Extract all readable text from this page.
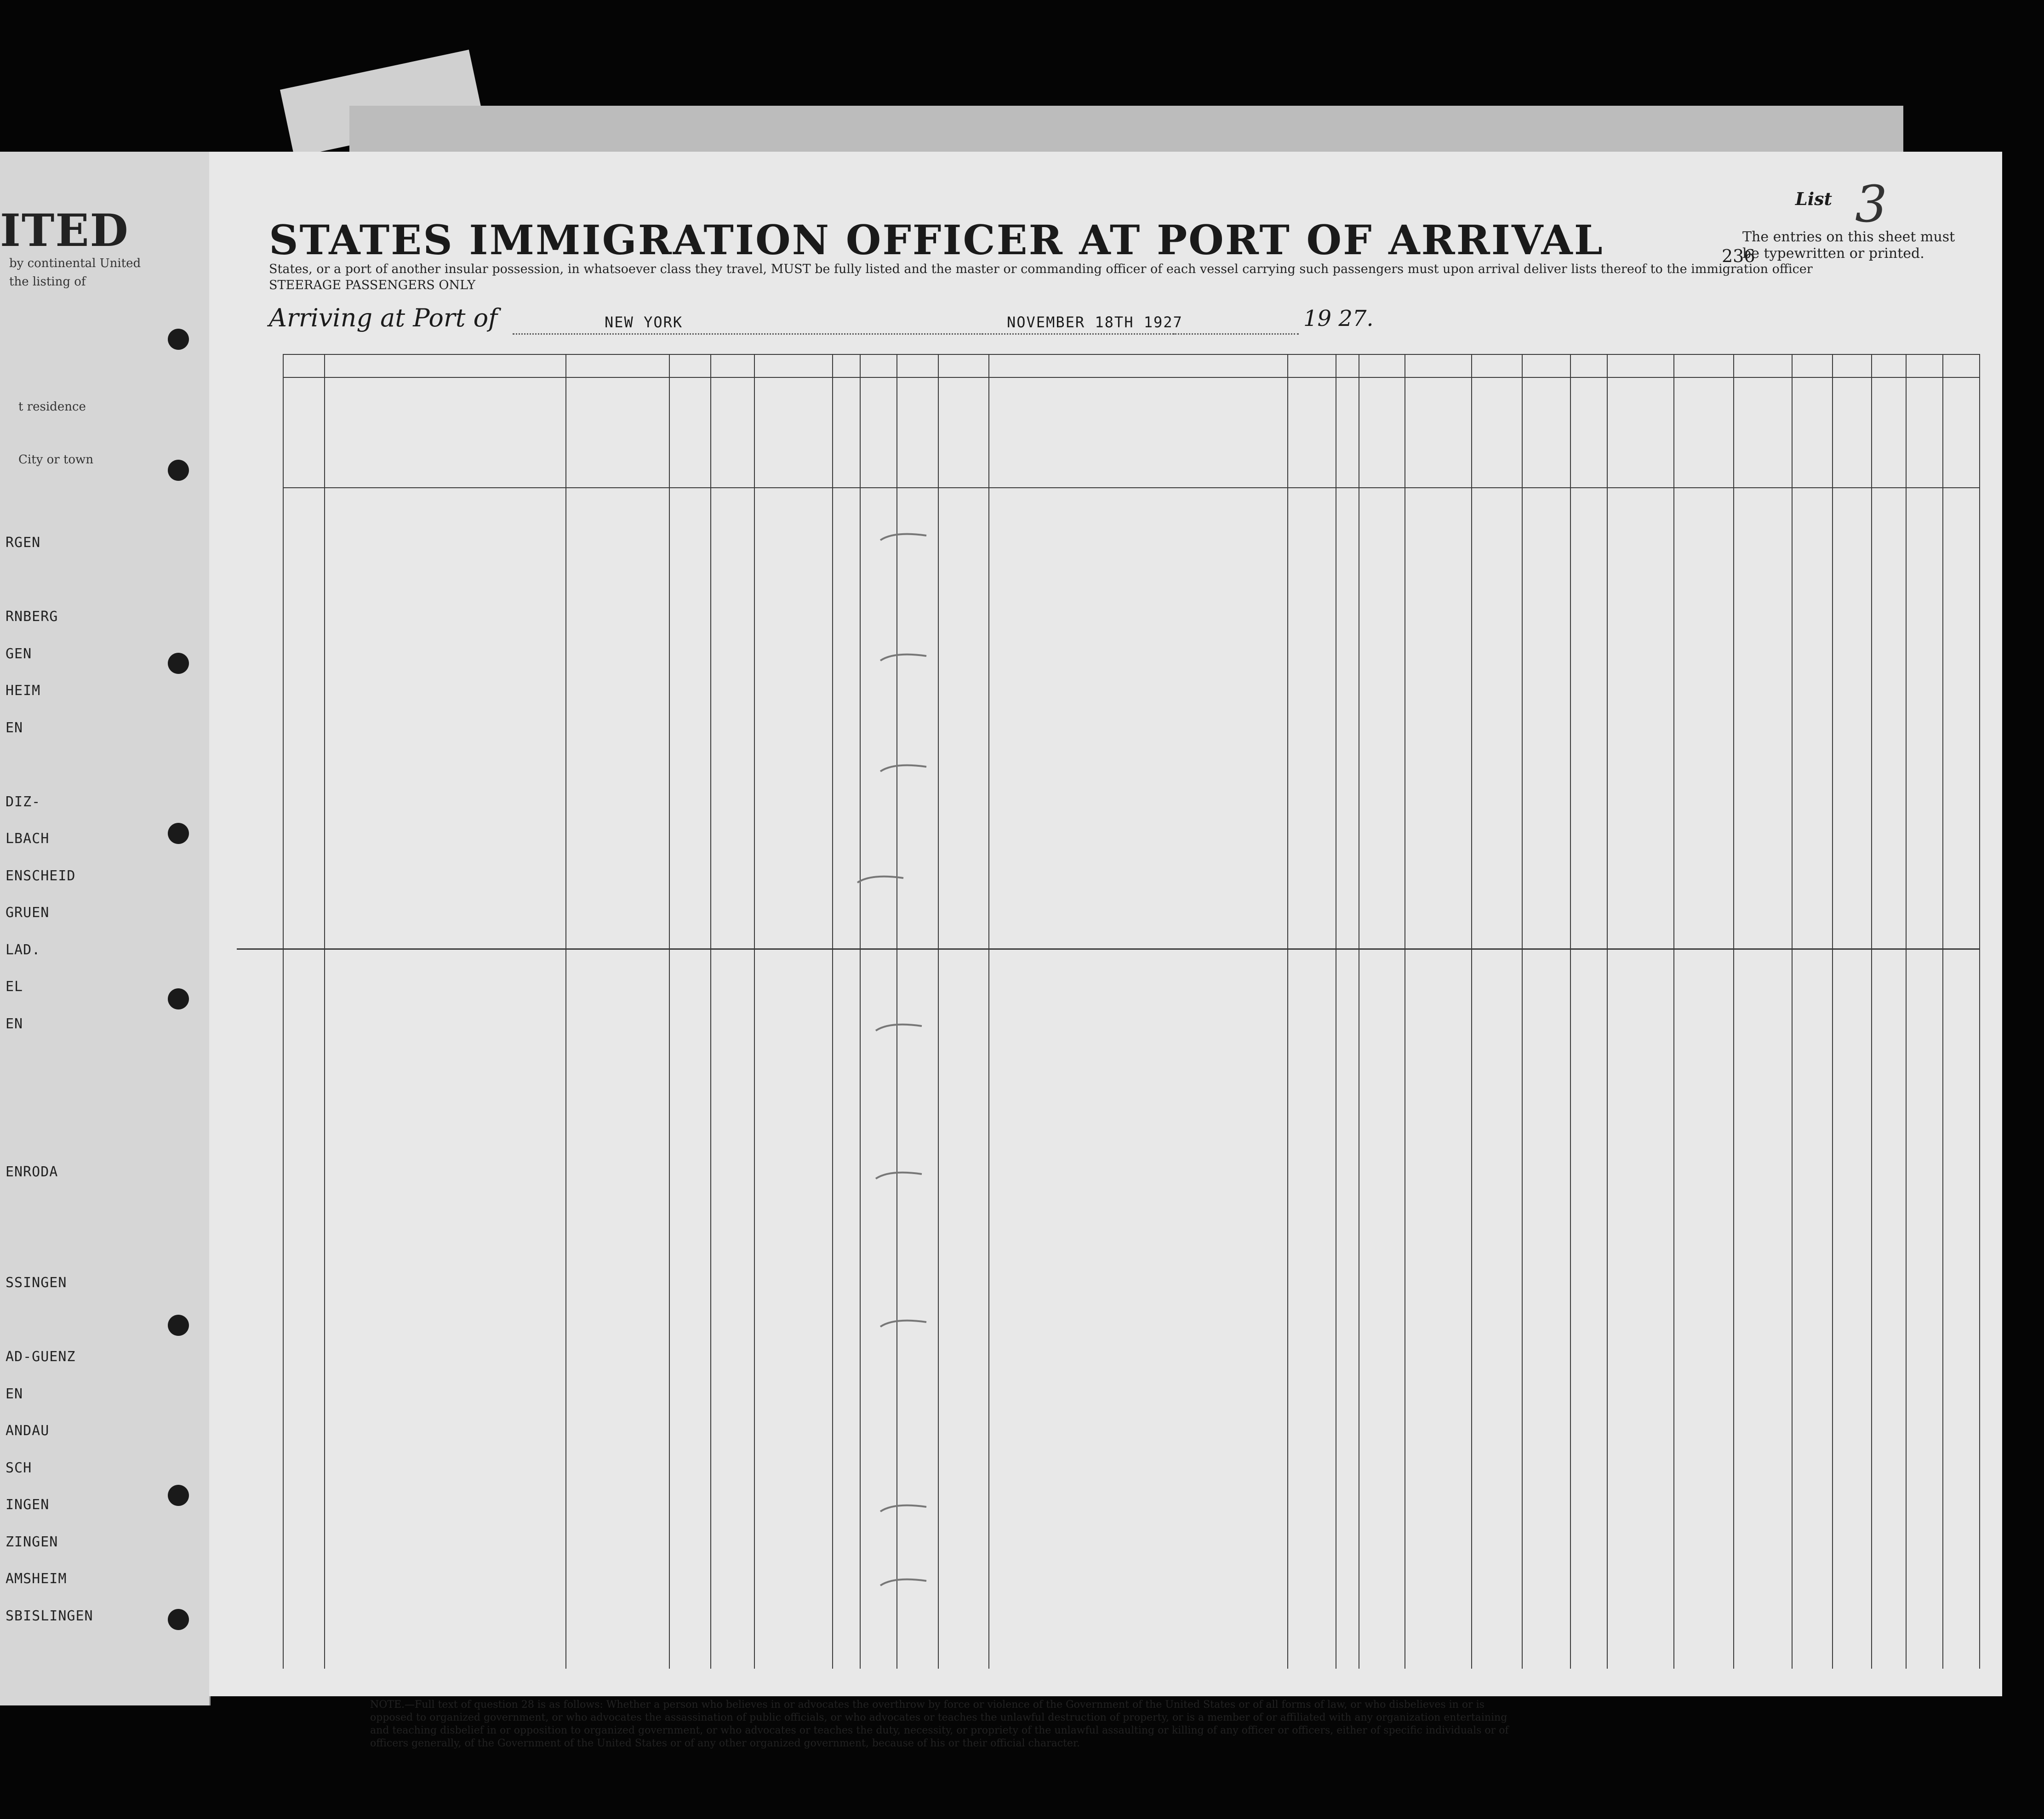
ITED
by continental United
the listing of
t residence
City or town
RGEN
RNBERG
GEN
HEIM
EN
DIZ-
LBACH
ENSCHEID
GRUEN
LAD.
EL
EN
ENRODA
SSINGEN
AD-GUENZ
EN
ANDAU
SCH
INGEN
ZINGEN
AMSHEIM
SBISLINGEN
STATES IMMIGRATION OFFICER AT PORT OF ARRIVAL
States, or a port of another insular possession, in whatsoever class they travel, MUST be fully listed and the master or commanding officer of each vessel carrying such passengers must upon arrival deliver lists thereof to the immigration officer
STEERAGE PASSENGERS ONLY
List 3
236
The entries on this sheet must
be typewritten or printed.
Arriving at Port of	NEW YORK	NOVEMBER 18TH 1927	19 27.
NOTE.—Full text of question 28 is as follows: Whether a person who believes in or advocates the overthrow by force or violence of the Government of the United States or of all forms of law, or who disbelieves in or is opposed to organized government, or who advocates the assassination of public officials, or who advocates or teaches the unlawful destruction of property, or is a member of or affiliated with any organization entertaining and teaching disbelief in or opposition to organized government, or who advocates or teaches the duty, necessity, or propriety of the unlawful assaulting or killing of any officer or officers, either of specific individuals or of officers generally, of the Government of the United States or of any other organized government, because of his or their official character.
